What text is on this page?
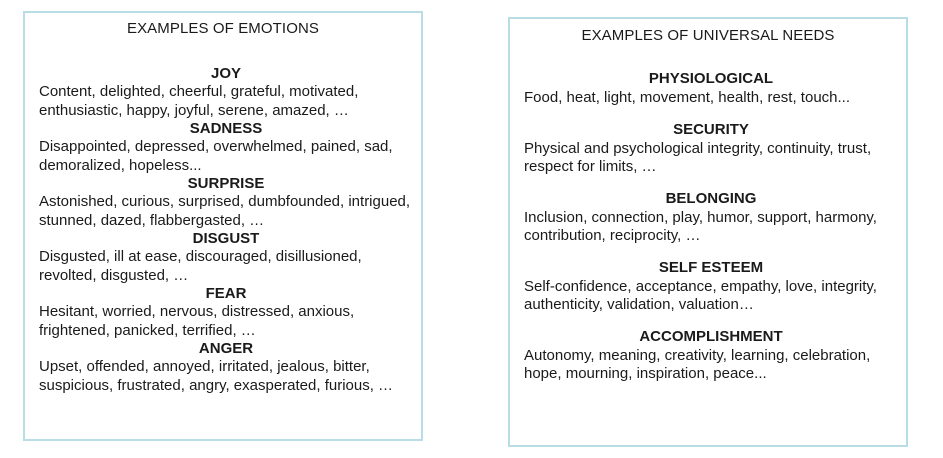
EXAMPLES OF EMOTIONS
JOY

Content, delighted, cheerful, grateful, motivated, enthusiastic, happy, joyful, serene, amazed, …

SADNESS

Disappointed, depressed, overwhelmed, pained, sad, demoralized, hopeless...

SURPRISE

Astonished, curious, surprised, dumbfounded, intrigued, stunned, dazed, flabbergasted, …

DISGUST

Disgusted, ill at ease, discouraged, disillusioned, revolted, disgusted, …

FEAR

Hesitant, worried, nervous, distressed, anxious, frightened, panicked, terrified, …

ANGER

Upset, offended, annoyed, irritated, jealous, bitter, suspicious, frustrated, angry, exasperated, furious, …

EXAMPLES OF UNIVERSAL NEEDS
PHYSIOLOGICAL

Food, heat, light, movement, health, rest, touch...

SECURITY

Physical and psychological integrity, continuity, trust, respect for limits, …

BELONGING

Inclusion, connection, play, humor, support, harmony, contribution, reciprocity, …

SELF ESTEEM

Self-confidence, acceptance, empathy, love, integrity, authenticity, validation, valuation…

ACCOMPLISHMENT

Autonomy, meaning, creativity, learning, celebration, hope, mourning, inspiration, peace...
